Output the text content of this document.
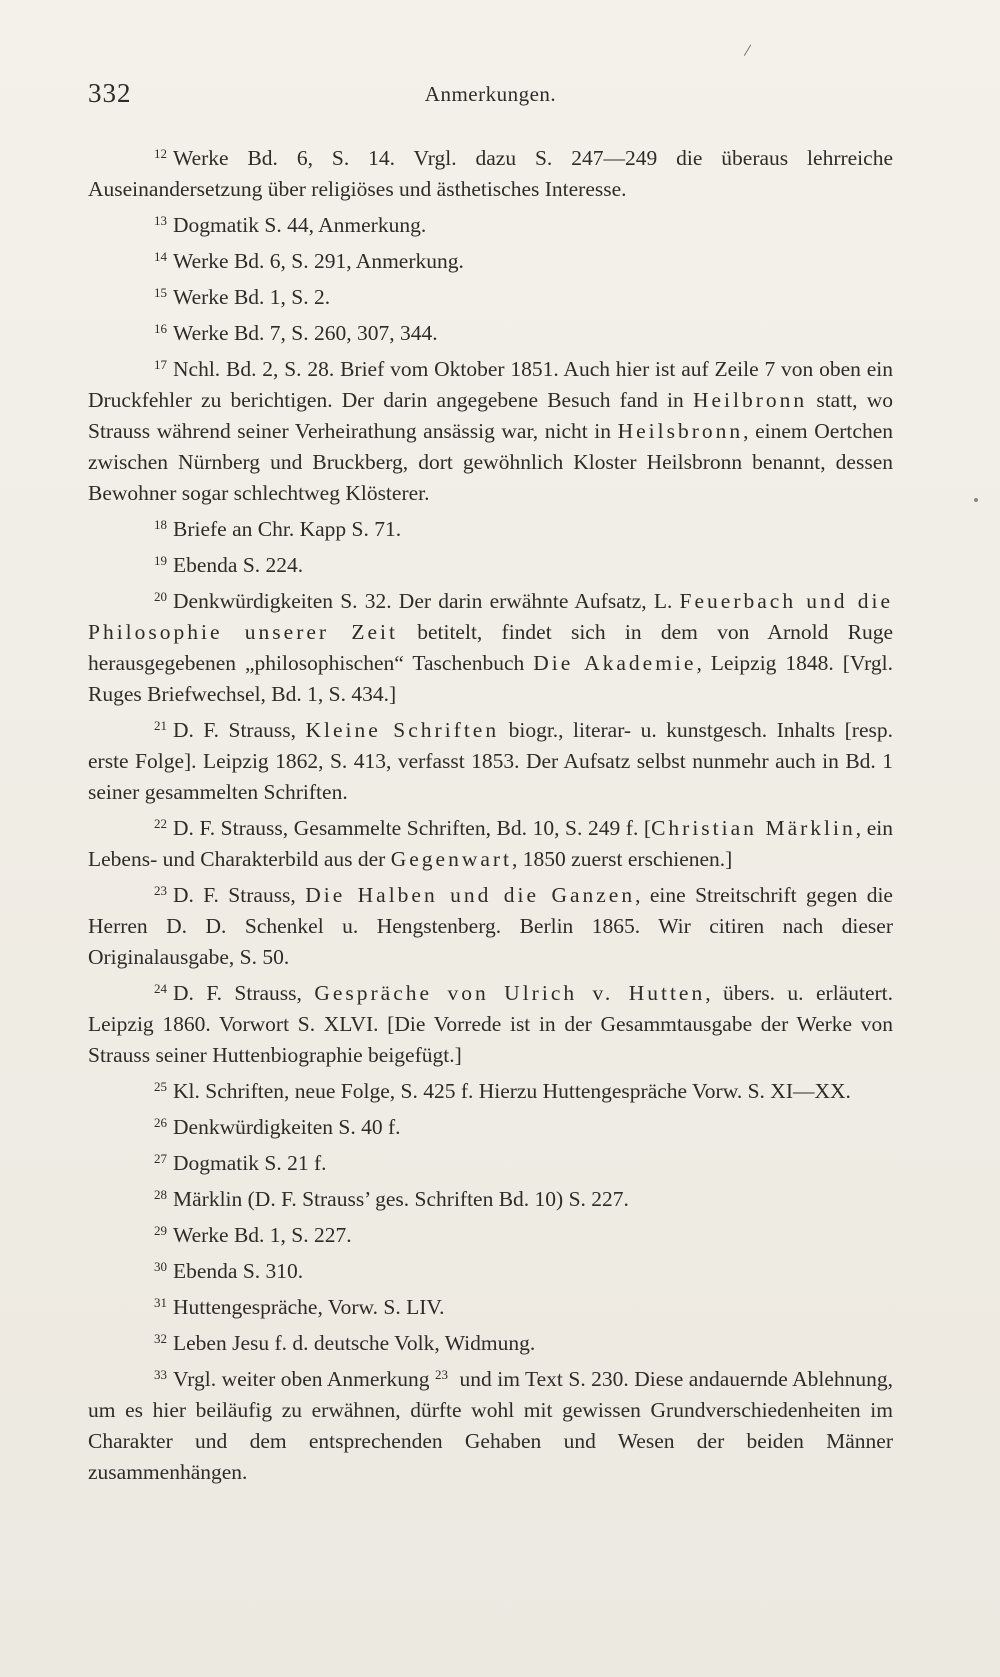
/
332	Anmerkungen.

$^{12}$ Werke Bd. 6, S. 14. Vrgl. dazu S. 247—249 die überaus lehrreiche Auseinandersetzung über religiöses und ästhetisches Interesse.

$^{13}$ Dogmatik S. 44, Anmerkung.

$^{14}$ Werke Bd. 6, S. 291, Anmerkung.

$^{15}$ Werke Bd. 1, S. 2.

$^{16}$ Werke Bd. 7, S. 260, 307, 344.

$^{17}$ Nchl. Bd. 2, S. 28. Brief vom Oktober 1851. Auch hier ist auf Zeile 7 von oben ein Druckfehler zu berichtigen. Der darin angegebene Besuch fand in Heilbronn statt, wo Strauss während seiner Verheirathung ansässig war, nicht in Heilsbronn, einem Oertchen zwischen Nürnberg und Bruckberg, dort gewöhnlich Kloster Heilsbronn benannt, dessen Bewohner sogar schlechtweg Klösterer.

$^{18}$ Briefe an Chr. Kapp S. 71.

$^{19}$ Ebenda S. 224.

$^{20}$ Denkwürdigkeiten S. 32. Der darin erwähnte Aufsatz, L. Feuerbach und die Philosophie unserer Zeit betitelt, findet sich in dem von Arnold Ruge herausgegebenen „philosophischen“ Taschenbuch Die Akademie, Leipzig 1848. [Vrgl. Ruges Briefwechsel, Bd. 1, S. 434.]

$^{21}$ D. F. Strauss, Kleine Schriften biogr., literar- u. kunstgesch. Inhalts [resp. erste Folge]. Leipzig 1862, S. 413, verfasst 1853. Der Aufsatz selbst nunmehr auch in Bd. 1 seiner gesammelten Schriften.

$^{22}$ D. F. Strauss, Gesammelte Schriften, Bd. 10, S. 249 f. [Christian Märklin, ein Lebens- und Charakterbild aus der Gegenwart, 1850 zuerst erschienen.]

$^{23}$ D. F. Strauss, Die Halben und die Ganzen, eine Streitschrift gegen die Herren D. D. Schenkel u. Hengstenberg. Berlin 1865. Wir citiren nach dieser Originalausgabe, S. 50.

$^{24}$ D. F. Strauss, Gespräche von Ulrich v. Hutten, übers. u. erläutert. Leipzig 1860. Vorwort S. XLVI. [Die Vorrede ist in der Gesammtausgabe der Werke von Strauss seiner Huttenbiographie beigefügt.]

$^{25}$ Kl. Schriften, neue Folge, S. 425 f. Hierzu Huttengespräche Vorw. S. XI—XX.

$^{26}$ Denkwürdigkeiten S. 40 f.

$^{27}$ Dogmatik S. 21 f.

$^{28}$ Märklin (D. F. Strauss’ ges. Schriften Bd. 10) S. 227.

$^{29}$ Werke Bd. 1, S. 227.

$^{30}$ Ebenda S. 310.

$^{31}$ Huttengespräche, Vorw. S. LIV.

$^{32}$ Leben Jesu f. d. deutsche Volk, Widmung.

$^{33}$ Vrgl. weiter oben Anmerkung $^{23}$ und im Text S. 230. Diese andauernde Ablehnung, um es hier beiläufig zu erwähnen, dürfte wohl mit gewissen Grundverschiedenheiten im Charakter und dem entsprechenden Gehaben und Wesen der beiden Männer zusammenhängen.
